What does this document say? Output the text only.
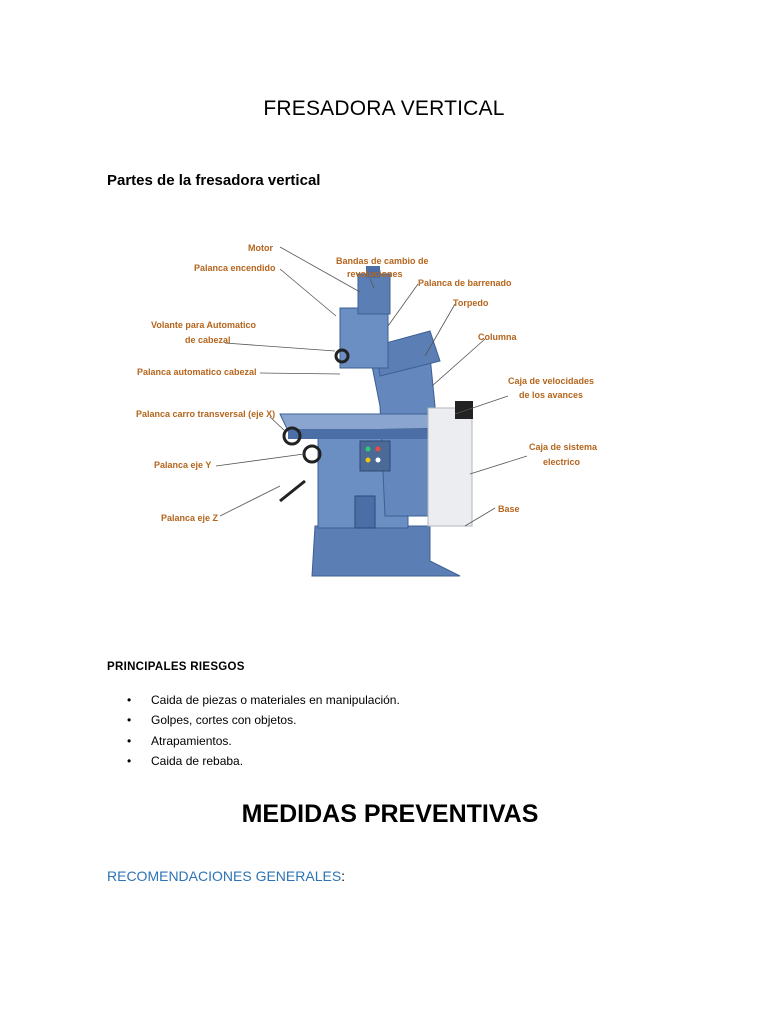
FRESADORA VERTICAL
Partes de la fresadora vertical
Motor
Bandas de cambio de
revoluciones
Palanca encendido
Palanca de barrenado
Torpedo
Volante para Automatico
de cabezal	Columna
Palanca automatico cabezal
Caja de velocidades
de los avances
Palanca carro transversal (eje X)
Caja de sistema
electrico
Palanca eje Y
Base
Palanca eje Z
PRINCIPALES RIESGOS
• Caida de piezas o materiales en manipulación.
• Golpes, cortes con objetos.
• Atrapamientos.
• Caida de rebaba.
MEDIDAS PREVENTIVAS
RECOMENDACIONES GENERALES:
